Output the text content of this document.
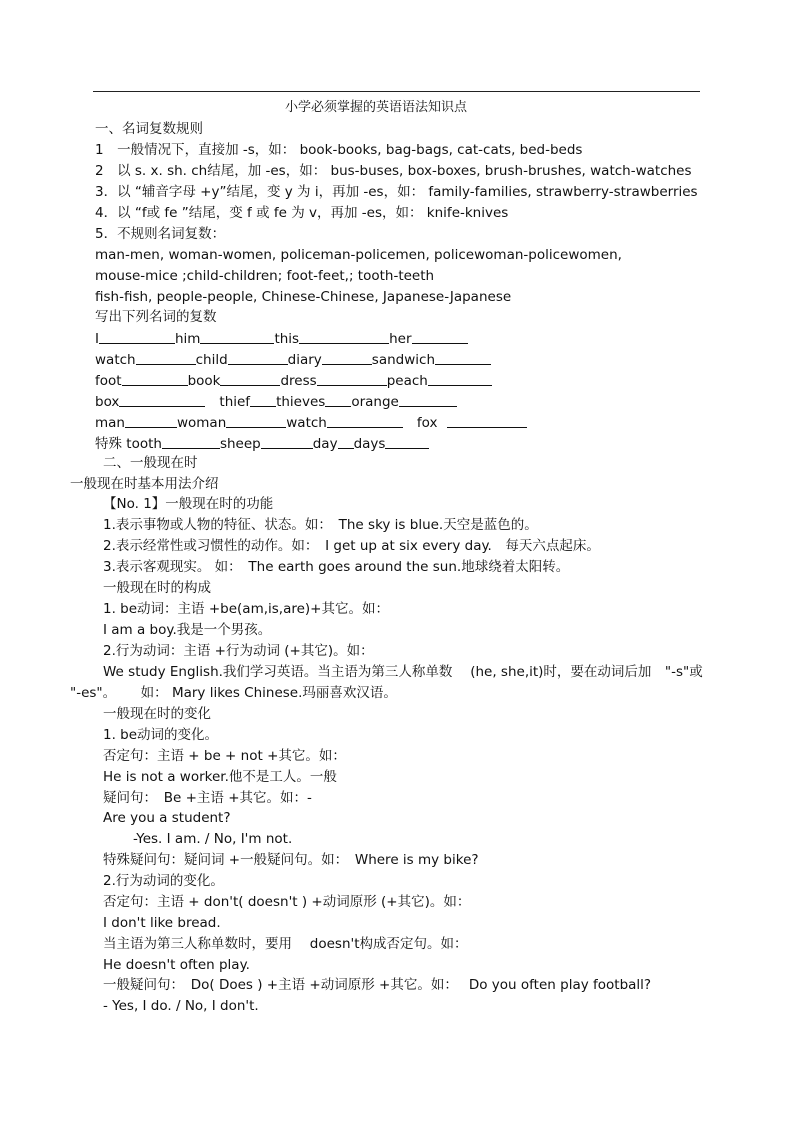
小学必须掌握的英语语法知识点
一、名词复数规则
1　一般情况下，直接加 -s，如： book-books, bag-bags, cat-cats, bed-beds
2　以 s. x. sh. ch结尾，加 -es，如： bus-buses, box-boxes, brush-brushes, watch-watches
3．以 “辅音字母 +y”结尾，变 y 为 i，再加 -es，如： family-families, strawberry-strawberries
4．以 “f或 fe ”结尾，变 f 或 fe 为 v，再加 -es，如： knife-knives
5．不规则名词复数：
man-men, woman-women, policeman-policemen, policewoman-policewomen,
mouse-mice ;child-children; foot-feet,; tooth-teeth
fish-fish, people-people, Chinese-Chinese, Japanese-Japanese
写出下列名词的复数
I	him	this	her
watch	child	diary	sandwich
foot	book	dress	peach
box	thief thieves orange
man	woman	watch	fox
特殊 tooth	sheep	day days
二、一般现在时
一般现在时基本用法介绍
【No. 1】一般现在时的功能
1.表示事物或人物的特征、状态。如：　The sky is blue.天空是蓝色的。
2.表示经常性或习惯性的动作。如：　I get up at six every day.　每天六点起床。
3.表示客观现实。 如：　The earth goes around the sun.地球绕着太阳转。
一般现在时的构成
1. be动词：主语 +be(am,is,are)+其它。如：
I am a boy.我是一个男孩。
2.行为动词：主语 +行为动词 (+其它)。如：
We study English.我们学习英语。当主语为第三人称单数　 (he, she,it)时，要在动词后加　"-s"或
"-es"。　　 如： Mary likes Chinese.玛丽喜欢汉语。
一般现在时的变化
1. be动词的变化。
否定句：主语 + be + not +其它。如：
He is not a worker.他不是工人。一般
疑问句：　Be +主语 +其它。如：-
Are you a student?
-Yes. I am. / No, I'm not.
特殊疑问句：疑问词 +一般疑问句。如：　Where is my bike?
2.行为动词的变化。
否定句：主语 + don't( doesn't ) +动词原形 (+其它)。如：
I don't like bread.
当主语为第三人称单数时，要用　 doesn't构成否定句。如：
He doesn't often play.
一般疑问句：　Do( Does ) +主语 +动词原形 +其它。如：　 Do you often play football?
- Yes, I do. / No, I don't.
